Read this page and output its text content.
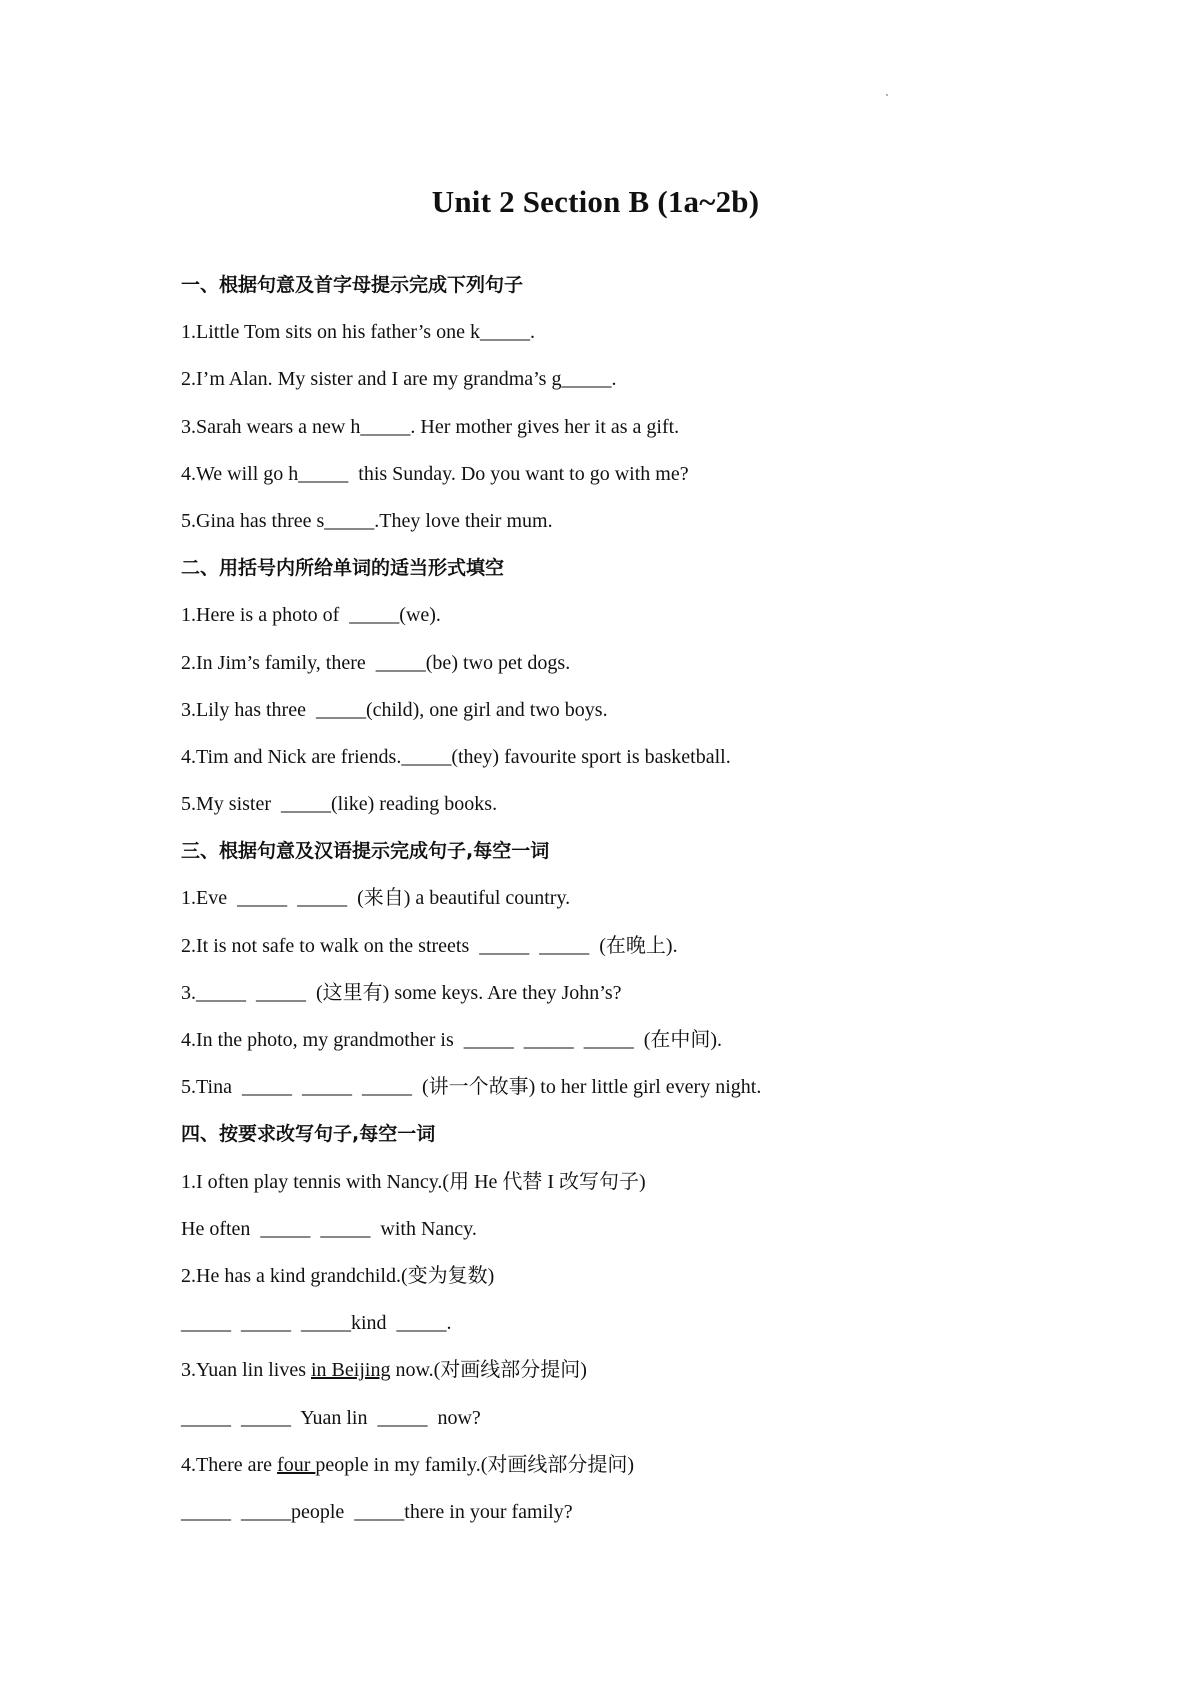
Unit 2 Section B (1a~2b)
一、根据句意及首字母提示完成下列句子
1.Little Tom sits on his father’s one k_____.
2.I’m Alan. My sister and I are my grandma’s g_____.
3.Sarah wears a new h_____. Her mother gives her it as a gift.
4.We will go h_____  this Sunday. Do you want to go with me?
5.Gina has three s_____.They love their mum.
二、用括号内所给单词的适当形式填空
1.Here is a photo of  _____(we).
2.In Jim’s family, there  _____(be) two pet dogs.
3.Lily has three  _____(child), one girl and two boys.
4.Tim and Nick are friends._____(they) favourite sport is basketball.
5.My sister  _____(like) reading books.
三、根据句意及汉语提示完成句子,每空一词
1.Eve  _____  _____  (来自) a beautiful country.
2.It is not safe to walk on the streets  _____  _____  (在晚上).
3._____  _____  (这里有) some keys. Are they John’s?
4.In the photo, my grandmother is  _____  _____  _____  (在中间).
5.Tina  _____  _____  _____  (讲一个故事) to her little girl every night.
四、按要求改写句子,每空一词
1.I often play tennis with Nancy.(用 He 代替 I 改写句子)
He often  _____  _____  with Nancy.
2.He has a kind grandchild.(变为复数)
_____  _____  _____kind  _____.
3.Yuan lin lives in Beijing now.(对画线部分提问)
_____  _____  Yuan lin  _____  now?
4.There are four people in my family.(对画线部分提问)
_____  _____people  _____there in your family?
